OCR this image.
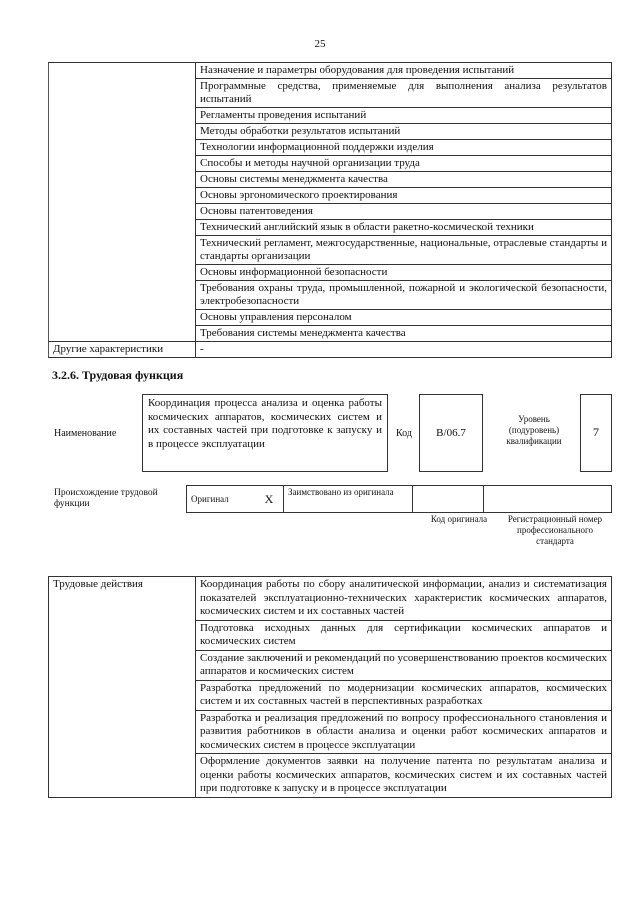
25
	Назначение и параметры оборудования для проведения испытаний
	Программные средства, применяемые для выполнения анализа результатов испытаний
	Регламенты проведения испытаний
	Методы обработки результатов испытаний
	Технологии информационной поддержки изделия
	Способы и методы научной организации труда
	Основы системы менеджмента качества
	Основы эргономического проектирования
	Основы патентоведения
	Технический английский язык в области ракетно-космической техники
	Технический регламент, межгосударственные, национальные, отраслевые стандарты и стандарты организации
	Основы информационной безопасности
	Требования охраны труда, промышленной, пожарной и экологической безопасности, электробезопасности
	Основы управления персоналом
	Требования системы менеджмента качества
Другие характеристики	-
3.2.6. Трудовая функция
Наименование
Координация процесса анализа и оценка работы космических аппаратов, космических систем и их составных частей при подготовке к запуску и в процессе эксплуатации
Код	B/06.7
Уровень (подуровень) квалификации
7
Происхождение трудовой функции	Оригинал	X	Заимствовано из оригинала		
Код оригинала	Регистрационный номер профессионального стандарта
Трудовые действия	Координация работы по сбору аналитической информации, анализ и систематизация показателей эксплуатационно-технических характеристик космических аппаратов, космических систем и их составных частей
Подготовка исходных данных для сертификации космических аппаратов и космических систем
Создание заключений и рекомендаций по усовершенствованию проектов космических аппаратов и космических систем
Разработка предложений по модернизации космических аппаратов, космических систем и их составных частей в перспективных разработках
Разработка и реализация предложений по вопросу профессионального становления и развития работников в области анализа и оценки работ космических аппаратов и космических систем в процессе эксплуатации
Оформление документов заявки на получение патента по результатам анализа и оценки работы космических аппаратов, космических систем и их составных частей при подготовке к запуску и в процессе эксплуатации
